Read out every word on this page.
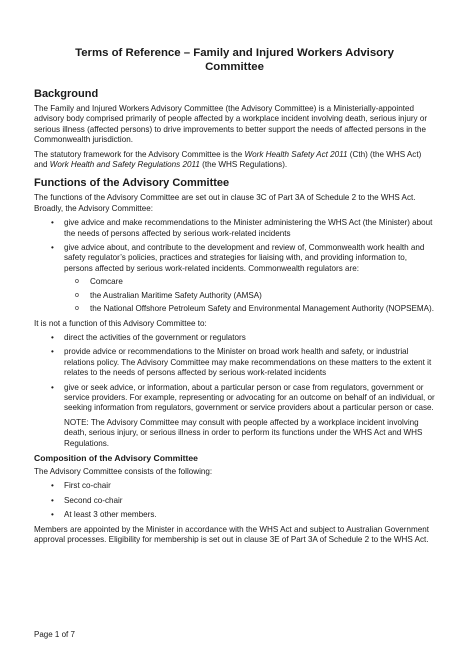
Terms of Reference – Family and Injured Workers Advisory Committee
Background

The Family and Injured Workers Advisory Committee (the Advisory Committee) is a Ministerially-appointed advisory body comprised primarily of people affected by a workplace incident involving death, serious injury or serious illness (affected persons) to drive improvements to better support the needs of affected persons in the Commonwealth jurisdiction.

The statutory framework for the Advisory Committee is the Work Health Safety Act 2011 (Cth) (the WHS Act) and Work Health and Safety Regulations 2011 (the WHS Regulations).

Functions of the Advisory Committee

The functions of the Advisory Committee are set out in clause 3C of Part 3A of Schedule 2 to the WHS Act. Broadly, the Advisory Committee:

• give advice and make recommendations to the Minister administering the WHS Act (the Minister) about the needs of persons affected by serious work-related incidents
• give advice about, and contribute to the development and review of, Commonwealth work health and safety regulator’s policies, practices and strategies for liaising with, and providing information to, persons affected by serious work-related incidents. Commonwealth regulators are:
o Comcare
o the Australian Maritime Safety Authority (AMSA)
o the National Offshore Petroleum Safety and Environmental Management Authority (NOPSEMA).

It is not a function of this Advisory Committee to:

• direct the activities of the government or regulators
• provide advice or recommendations to the Minister on broad work health and safety, or industrial relations policy. The Advisory Committee may make recommendations on these matters to the extent it relates to the needs of persons affected by serious work-related incidents
• give or seek advice, or information, about a particular person or case from regulators, government or service providers. For example, representing or advocating for an outcome on behalf of an individual, or seeking information from regulators, government or service providers about a particular person or case.

NOTE: The Advisory Committee may consult with people affected by a workplace incident involving death, serious injury, or serious illness in order to perform its functions under the WHS Act and WHS Regulations.

Composition of the Advisory Committee

The Advisory Committee consists of the following:

• First co-chair
• Second co-chair
• At least 3 other members.

Members are appointed by the Minister in accordance with the WHS Act and subject to Australian Government approval processes. Eligibility for membership is set out in clause 3E of Part 3A of Schedule 2 to the WHS Act.

Page 1 of 7
